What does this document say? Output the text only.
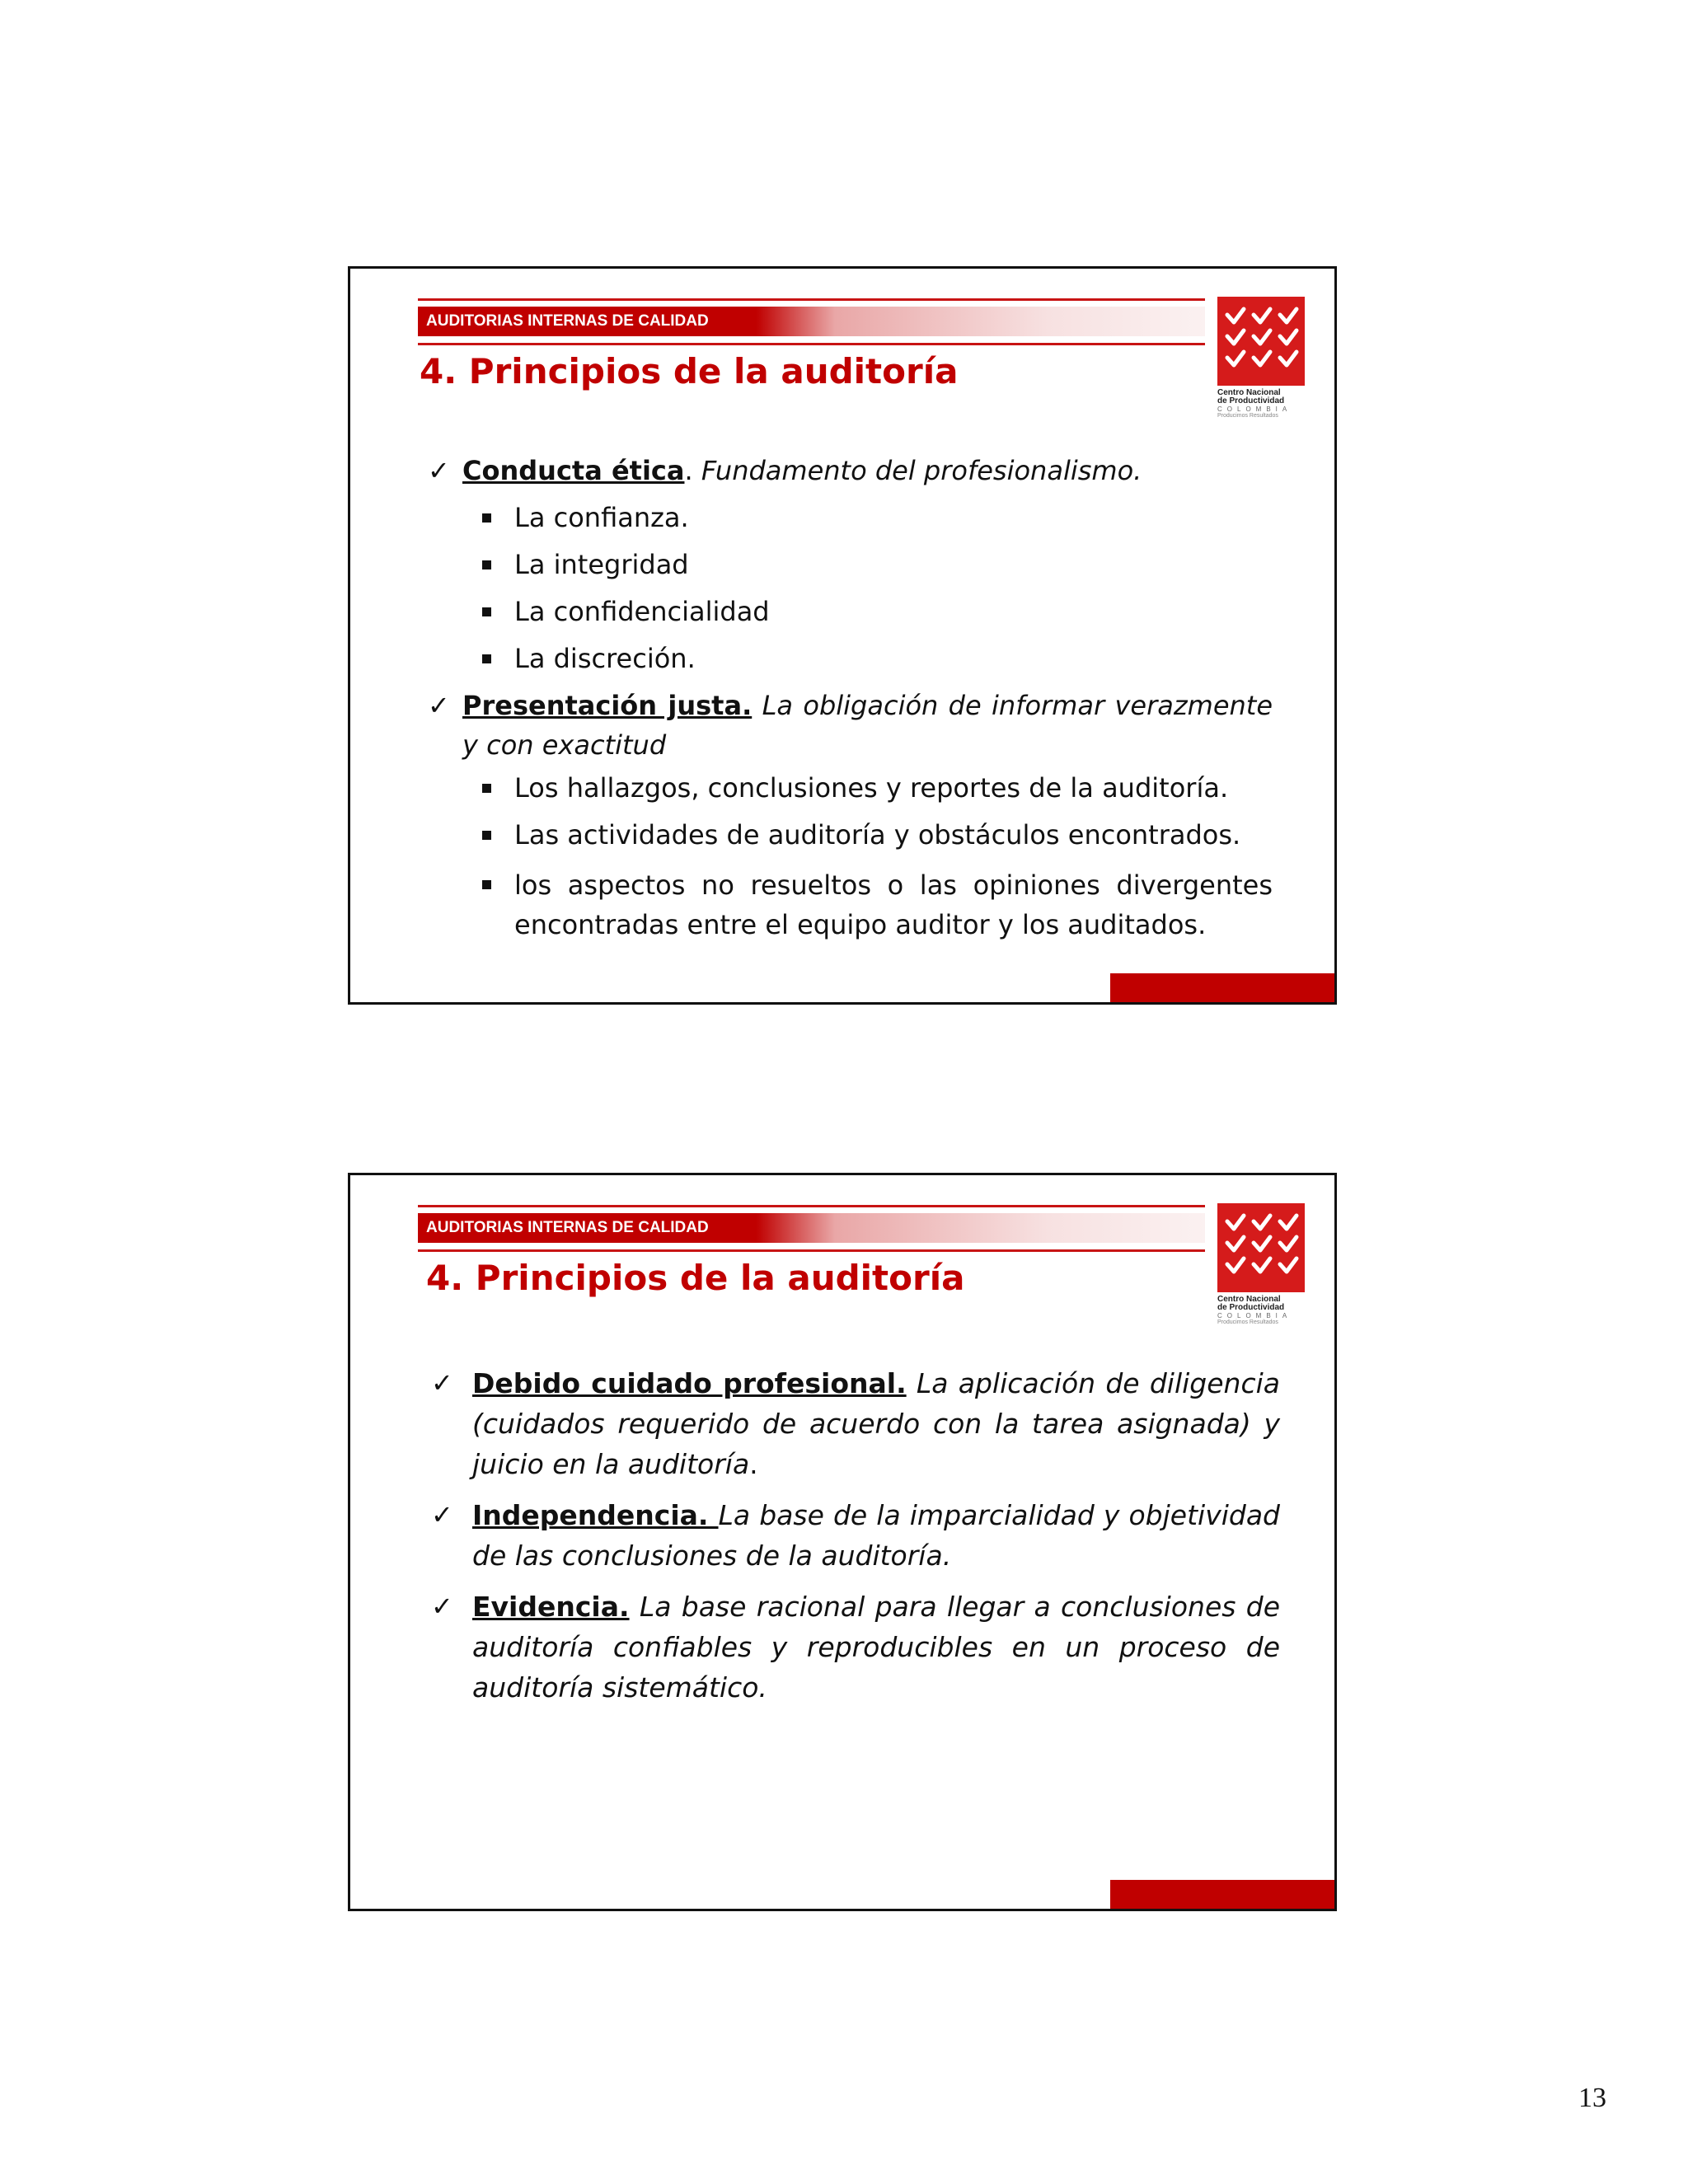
AUDITORIAS INTERNAS DE CALIDAD
Centro Nacional
de Productividad
COLOMBIA
Producimos Resultados
4. Principios de la auditoría
✓ Conducta ética. Fundamento del profesionalismo.
La confianza.
La integridad
La confidencialidad
La discreción.
✓ Presentación justa. La obligación de informar verazmente y con exactitud
Los hallazgos, conclusiones y reportes de la auditoría.
Las actividades de auditoría y obstáculos encontrados.
los aspectos no resueltos o las opiniones divergentes encontradas entre el equipo auditor y los auditados.
AUDITORIAS INTERNAS DE CALIDAD
Centro Nacional
de Productividad
COLOMBIA
Producimos Resultados
4. Principios de la auditoría
✓ Debido cuidado profesional. La aplicación de diligencia (cuidados requerido de acuerdo con la tarea asignada) y juicio en la auditoría.
✓ Independencia. La base de la imparcialidad y objetividad de las conclusiones de la auditoría.
✓ Evidencia. La base racional para llegar a conclusiones de auditoría confiables y reproducibles en un proceso de auditoría sistemático.
13
